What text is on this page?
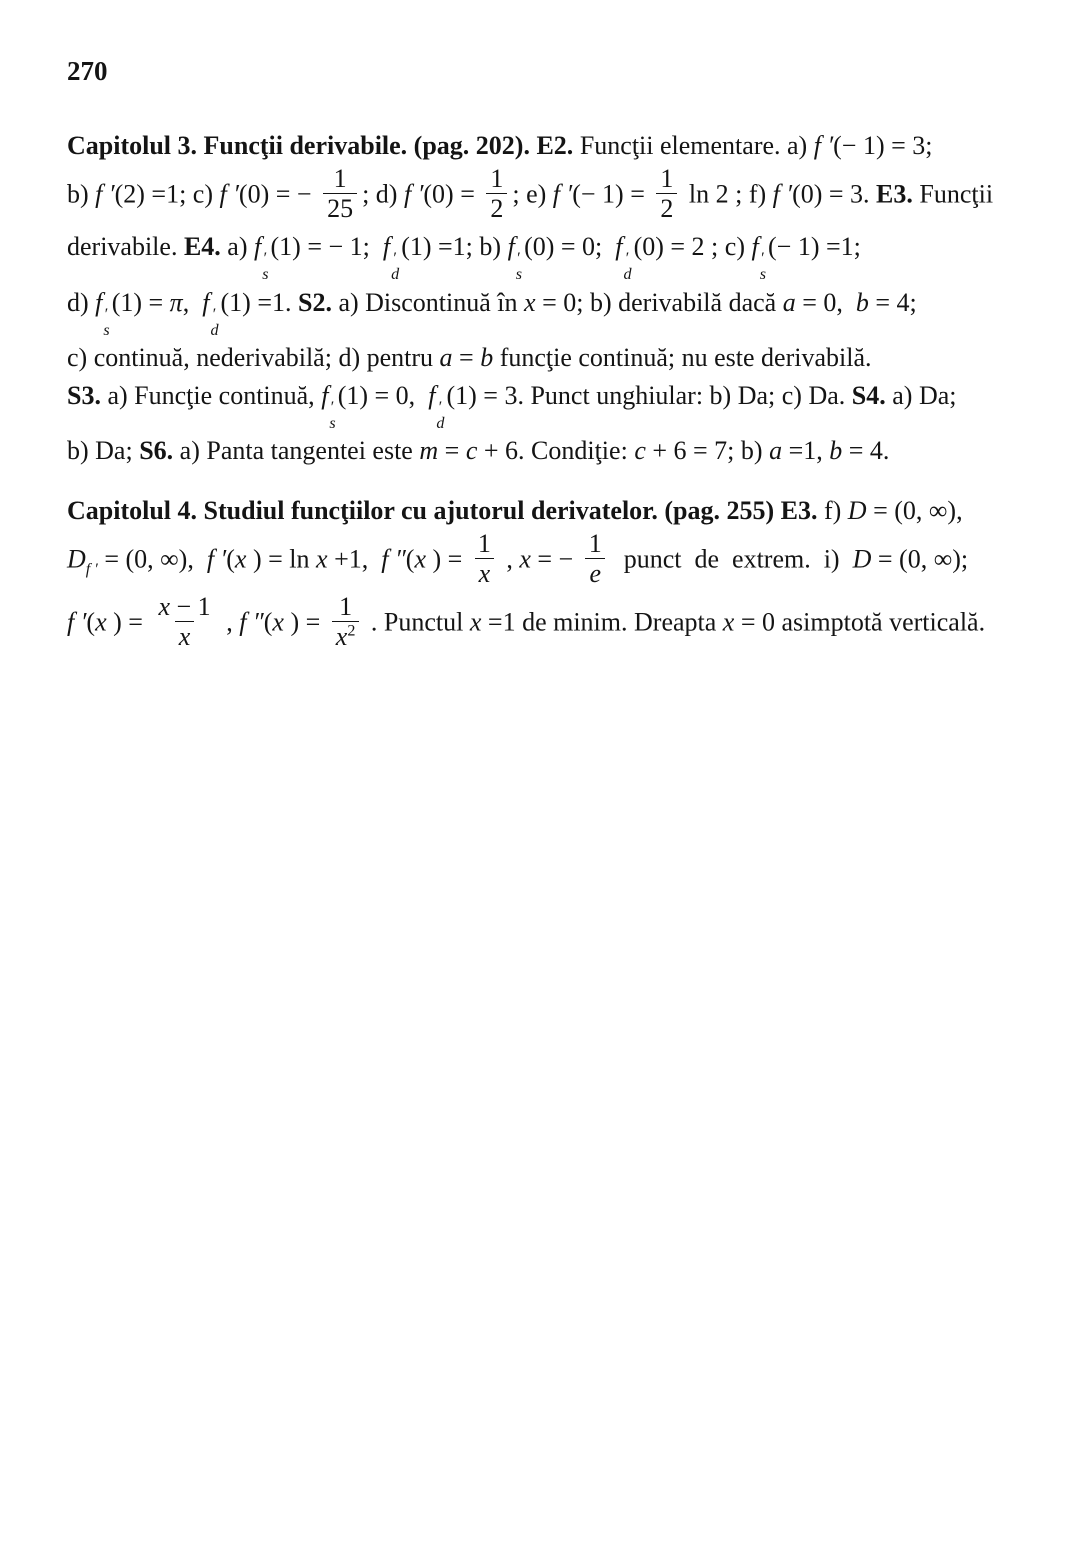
270
Capitolul 3. Funcţii derivabile. (pag. 202). E2. Funcţii elementare. a) f ′(− 1) = 3;
b) f ′(2) =1; c) f ′(0) = − $\frac{1}{25}$ ; d) f $'(0) = \frac{1}{2}$ ; e) f ′(− $1) = \frac{1}{2}$ ln 2 ; f) f ′(0) = 3. E3. Funcţii
derivabile. E4. a) f ′
s
(1) = − 1;  f ′
d
(1) =1; b) f ′
s
(0) = 0;  f ′
d
(0) = 2 ; c) f ′
s
(− 1) =1;
d) f ′
s
(1) = π,  f ′
d
(1) =1. S2. a) Discontinuă în x = 0; b) derivabilă dacă a = 0,  b = 4;
c) continuă, nederivabilă; d) pentru a = b funcţie continuă; nu este derivabilă.
S3. a) Funcţie continuă, f ′
s
(1) = 0,  f ′
d
(1) = 3. Punct unghiular: b) Da; c) Da. S4. a) Da;
b) Da; S6. a) Panta tangentei este m = c + 6. Condiţie: c + 6 = 7; b) a =1, b = 4.
Capitolul 4. Studiul funcţiilor cu ajutorul derivatelor. (pag. 255) E3. f) D = (0, ∞),
$D_{f '} = (0$, ∞),  f ′(x ) = ln x +1,  f ″(x ) = $\frac{1}{x}$ , x = − $\frac{1}{e}$ punct  de  extrem.  i)  D = (0, ∞);
f ′(x ) = $\frac{x - 1}{x}$ , f ″(x ) = $\frac{1}{x^2}$ . Punctul x =1 de minim. Dreapta x = 0 asimptotă verticală.
